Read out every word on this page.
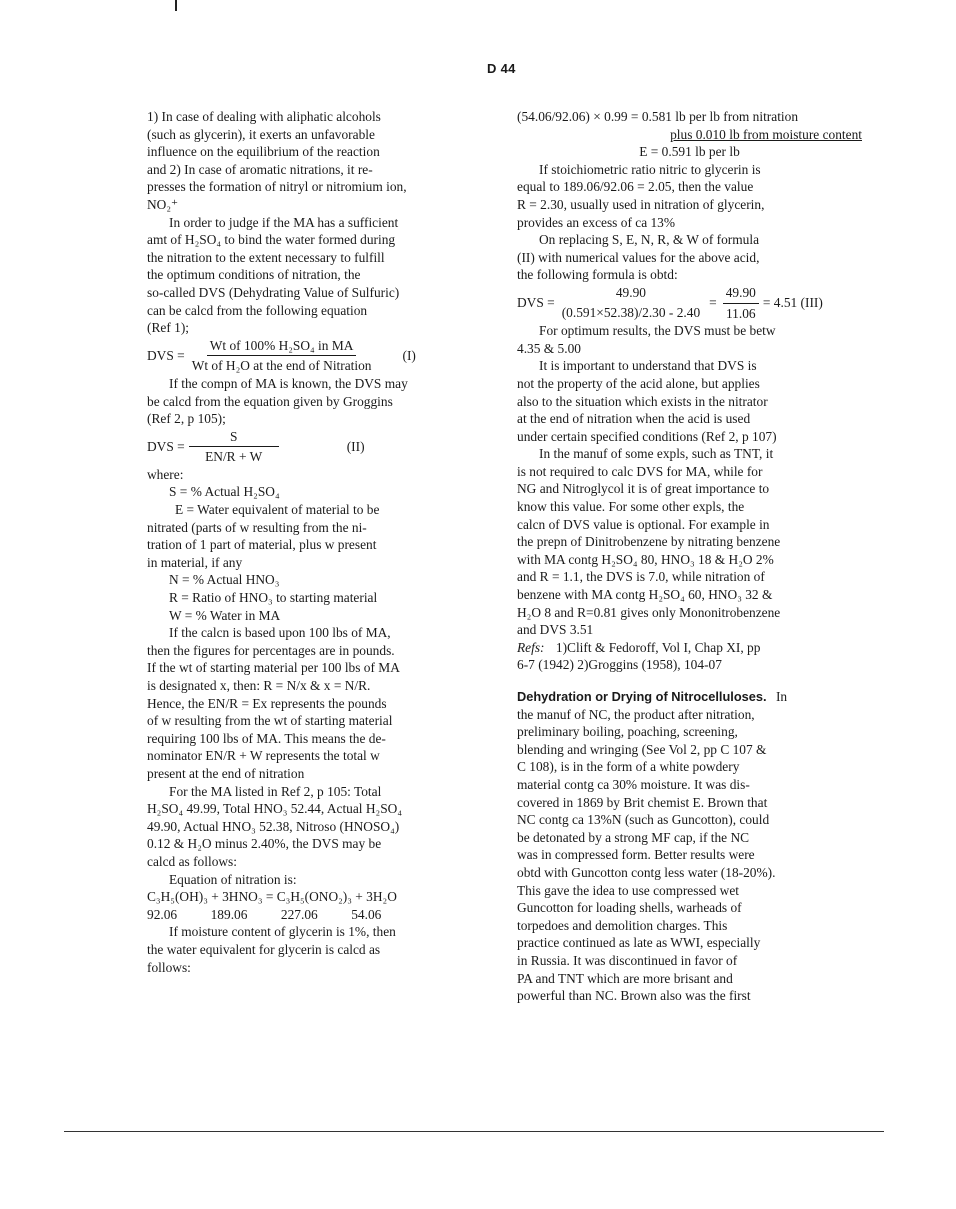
D 44
1) In case of dealing with aliphatic alcohols
(such as glycerin), it exerts an unfavorable
influence on the equilibrium of the reaction
and 2) In case of aromatic nitrations, it re-
presses the formation of nitryl or nitromium ion,
NO₂⁺
In order to judge if the MA has a sufficient
amt of H₂SO₄ to bind the water formed during
the nitration to the extent necessary to fulfill
the optimum conditions of nitration, the
so-called DVS (Dehydrating Value of Sulfuric)
can be calcd from the following equation
(Ref 1);
DVS = $\frac{\text{Wt of 100\% H₂SO₄ in MA}}{\text{Wt of H₂O at the end of Nitration}} (I)$
If the compn of MA is known, the DVS may
be calcd from the equation given by Groggins
(Ref 2, p 105);
DVS = $\frac{S}{EN/R + W}$	(II)
where:
S = % Actual H₂SO₄
E = Water equivalent of material to be
nitrated (parts of w resulting from the ni-
tration of 1 part of material, plus w present
in material, if any
N = % Actual HNO₃
R = Ratio of HNO₃ to starting material
W = % Water in MA
If the calcn is based upon 100 lbs of MA,
then the figures for percentages are in pounds.
If the wt of starting material per 100 lbs of MA
is designated x, then: R = N/x & x = N/R.
Hence, the EN/R = Ex represents the pounds
of w resulting from the wt of starting material
requiring 100 lbs of MA. This means the de-
nominator EN/R + W represents the total w
present at the end of nitration
For the MA listed in Ref 2, p 105: Total
H₂SO₄ 49.99, Total HNO₃ 52.44, Actual H₂SO₄
49.90, Actual HNO₃ 52.38, Nitroso (HNOSO₄)
0.12 & H₂O minus 2.40%, the DVS may be
calcd as follows:
Equation of nitration is:
C₃H₅(OH)₃ + 3HNO₃ = C₃H₅(ONO₂)₃ + 3H₂O
92.06          189.06          227.06          54.06
If moisture content of glycerin is 1%, then
the water equivalent for glycerin is calcd as
follows:
(54.06/92.06) × 0.99 = 0.581 lb per lb from nitration
plus 0.010 lb from moisture content
E = 0.591 lb per lb
If stoichiometric ratio nitric to glycerin is
equal to 189.06/92.06 = 2.05, then the value
R = 2.30, usually used in nitration of glycerin,
provides an excess of ca 13%
On replacing S, E, N, R, & W of formula
(II) with numerical values for the above acid,
the following formula is obtd:
DVS =
49.90
(0.591×52.38)/2.30 - 2.40
= $\frac{49.90}{11.06} = 4.51$ (III)
For optimum results, the DVS must be betw
4.35 & 5.00
It is important to understand that DVS is
not the property of the acid alone, but applies
also to the situation which exists in the nitrator
at the end of nitration when the acid is used
under certain specified conditions (Ref 2, p 107)
In the manuf of some expls, such as TNT, it
is not required to calc DVS for MA, while for
NG and Nitroglycol it is of great importance to
know this value. For some other expls, the
calcn of DVS value is optional. For example in
the prepn of Dinitrobenzene by nitrating benzene
with MA contg H₂SO₄ 80, HNO₃ 18 & H₂O 2%
and R = 1.1, the DVS is 7.0, while nitration of
benzene with MA contg H₂SO₄ 60, HNO₃ 32 &
H₂O 8 and R=0.81 gives only Mononitrobenzene
and DVS 3.51
Refs: 1)Clift & Fedoroff, Vol I, Chap XI, pp
6-7 (1942) 2)Groggins (1958), 104-07
Dehydration or Drying of Nitrocelluloses. In
the manuf of NC, the product after nitration,
preliminary boiling, poaching, screening,
blending and wringing (See Vol 2, pp C 107 &
C 108), is in the form of a white powdery
material contg ca 30% moisture. It was dis-
covered in 1869 by Brit chemist E. Brown that
NC contg ca 13%N (such as Guncotton), could
be detonated by a strong MF cap, if the NC
was in compressed form. Better results were
obtd with Guncotton contg less water (18-20%).
This gave the idea to use compressed wet
Guncotton for loading shells, warheads of
torpedoes and demolition charges. This
practice continued as late as WWI, especially
in Russia. It was discontinued in favor of
PA and TNT which are more brisant and
powerful than NC. Brown also was the first
